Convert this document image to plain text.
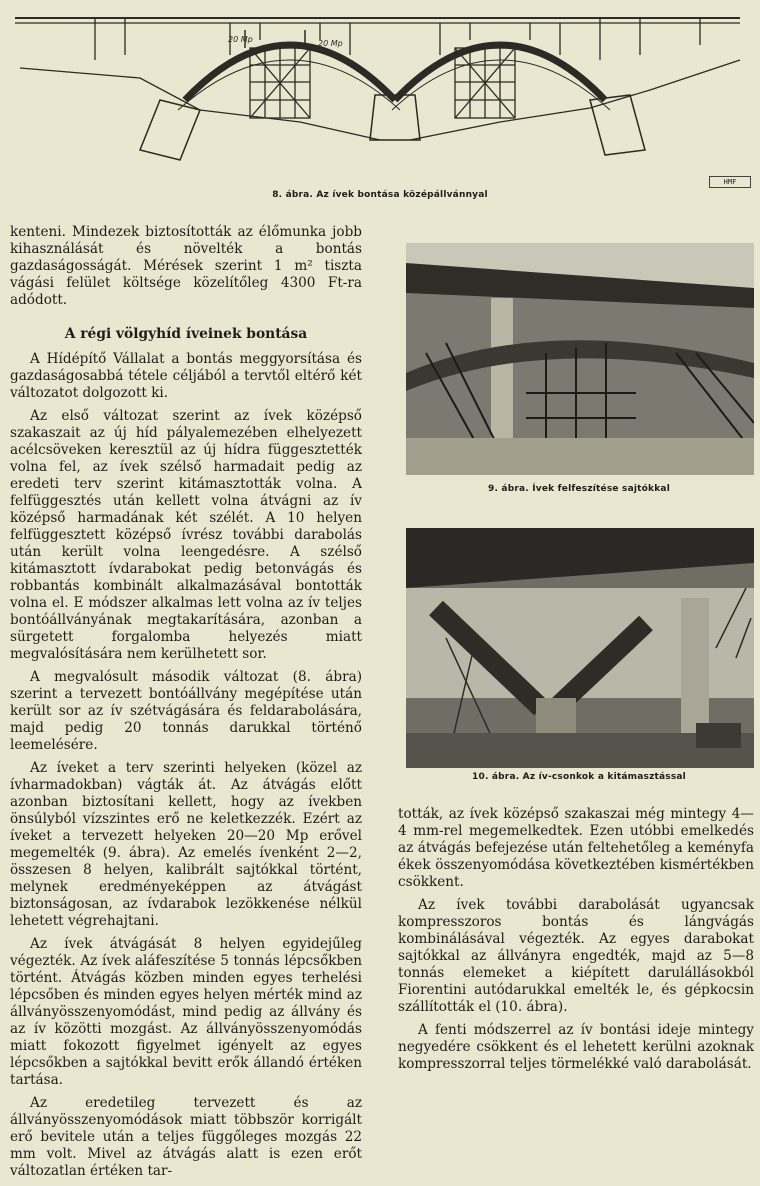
20 Mp	20 Mp
HMF
8. ábra. Az ívek bontása középállvánnyal

kenteni. Mindezek biztosították az élőmunka jobb kihasználását és növelték a bontás gazdaságosságát. Mérések szerint 1 m² tiszta vágási felület költsége közelítőleg 4300 Ft-ra adódott.

A régi völgyhíd íveinek bontása

A Hídépítő Vállalat a bontás meggyorsítása és gazdaságosabbá tétele céljából a tervtől eltérő két változatot dolgozott ki.

Az első változat szerint az ívek középső szakaszait az új híd pályalemezében elhelyezett acélcsöveken keresztül az új hídra függesztették volna fel, az ívek szélső harmadait pedig az eredeti terv szerint kitámasztották volna. A felfüggesztés után kellett volna átvágni az ív középső harmadának két szélét. A 10 helyen felfüggesztett középső ívrész további darabolás után került volna leengedésre. A szélső kitámasztott ívdarabokat pedig betonvágás és robbantás kombinált alkalmazásával bontották volna el. E módszer alkalmas lett volna az ív teljes bontóállványának megtakarítására, azonban a sürgetett forgalomba helyezés miatt megvalósítására nem kerülhetett sor.

A megvalósult második változat (8. ábra) szerint a tervezett bontóállvány megépítése után került sor az ív szétvágására és feldarabolására, majd pedig 20 tonnás darukkal történő leemelésére.

Az íveket a terv szerinti helyeken (közel az ívharmadokban) vágták át. Az átvágás előtt azonban biztosítani kellett, hogy az ívekben önsúlyból vízszintes erő ne keletkezzék. Ezért az íveket a tervezett helyeken 20—20 Mp erővel megemelték (9. ábra). Az emelés ívenként 2—2, összesen 8 helyen, kalibrált sajtókkal történt, melynek eredményeképpen az átvágást biztonságosan, az ívdarabok lezökkenése nélkül lehetett végrehajtani.

Az ívek átvágását 8 helyen egyidejűleg végezték. Az ívek aláfeszítése 5 tonnás lépcsőkben történt. Átvágás közben minden egyes terhelési lépcsőben és minden egyes helyen mérték mind az állványösszenyomódást, mind pedig az állvány és az ív közötti mozgást. Az állványösszenyomódás miatt fokozott figyelmet igényelt az egyes lépcsőkben a sajtókkal bevitt erők állandó értéken tartása.

Az eredetileg tervezett és az állványösszenyomódások miatt többször korrigált erő bevitele után a teljes függőleges mozgás 22 mm volt. Mivel az átvágás alatt is ezen erőt változatlan értéken tar-

9. ábra. Ívek felfeszítése sajtókkal
10. ábra. Az ív-csonkok a kitámasztással

tották, az ívek középső szakaszai még mintegy 4—4 mm-rel megemelkedtek. Ezen utóbbi emelkedés az átvágás befejezése után feltehetőleg a keményfa ékek összenyomódása következtében kismértékben csökkent.

Az ívek további darabolását ugyancsak kompresszoros bontás és lángvágás kombinálásával végezték. Az egyes darabokat sajtókkal az állványra engedték, majd az 5—8 tonnás elemeket a kiépített darulállásokból Fiorentini autódarukkal emelték le, és gépkocsin szállították el (10. ábra).

A fenti módszerrel az ív bontási ideje mintegy negyedére csökkent és el lehetett kerülni azoknak kompresszorral teljes törmelékké való darabolását.
